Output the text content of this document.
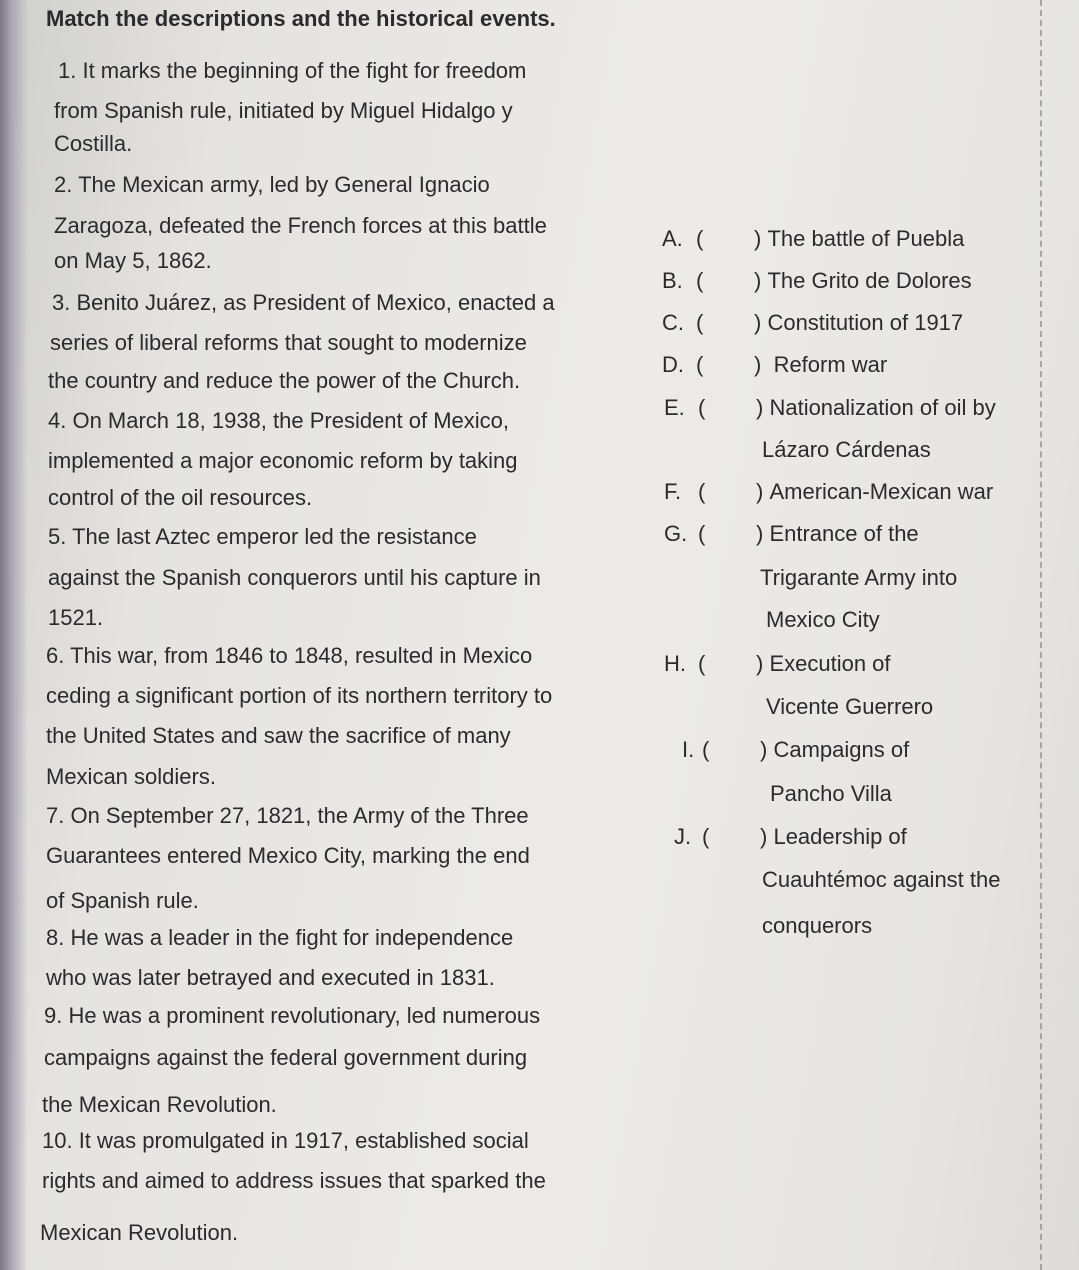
Match the descriptions and the historical events.
1. It marks the beginning of the fight for freedom
from Spanish rule, initiated by Miguel Hidalgo y
Costilla.
2. The Mexican army, led by General Ignacio
Zaragoza, defeated the French forces at this battle
on May 5, 1862.
3. Benito Juárez, as President of Mexico, enacted a
series of liberal reforms that sought to modernize
the country and reduce the power of the Church.
4. On March 18, 1938, the President of Mexico,
implemented a major economic reform by taking
control of the oil resources.
5. The last Aztec emperor led the resistance
against the Spanish conquerors until his capture in
1521.
6. This war, from 1846 to 1848, resulted in Mexico
ceding a significant portion of its northern territory to
the United States and saw the sacrifice of many
Mexican soldiers.
7. On September 27, 1821, the Army of the Three
Guarantees entered Mexico City, marking the end
of Spanish rule.
8. He was a leader in the fight for independence
who was later betrayed and executed in 1831.
9. He was a prominent revolutionary, led numerous
campaigns against the federal government during
the Mexican Revolution.
10. It was promulgated in 1917, established social
rights and aimed to address issues that sparked the
Mexican Revolution.
A. (	)
The battle of Puebla
B. (	)
The Grito de Dolores
C. (	)
Constitution of 1917
D. (	)
Reform war
E. (	)
Nationalization of oil by
Lázaro Cárdenas
F. (	)
American-Mexican war
G. (	)
Entrance of the
Trigarante Army into
Mexico City
H. (	)
Execution of
Vicente Guerrero
I. (	)
Campaigns of
Pancho Villa
J. (	)
Leadership of
Cuauhtémoc against the
conquerors
